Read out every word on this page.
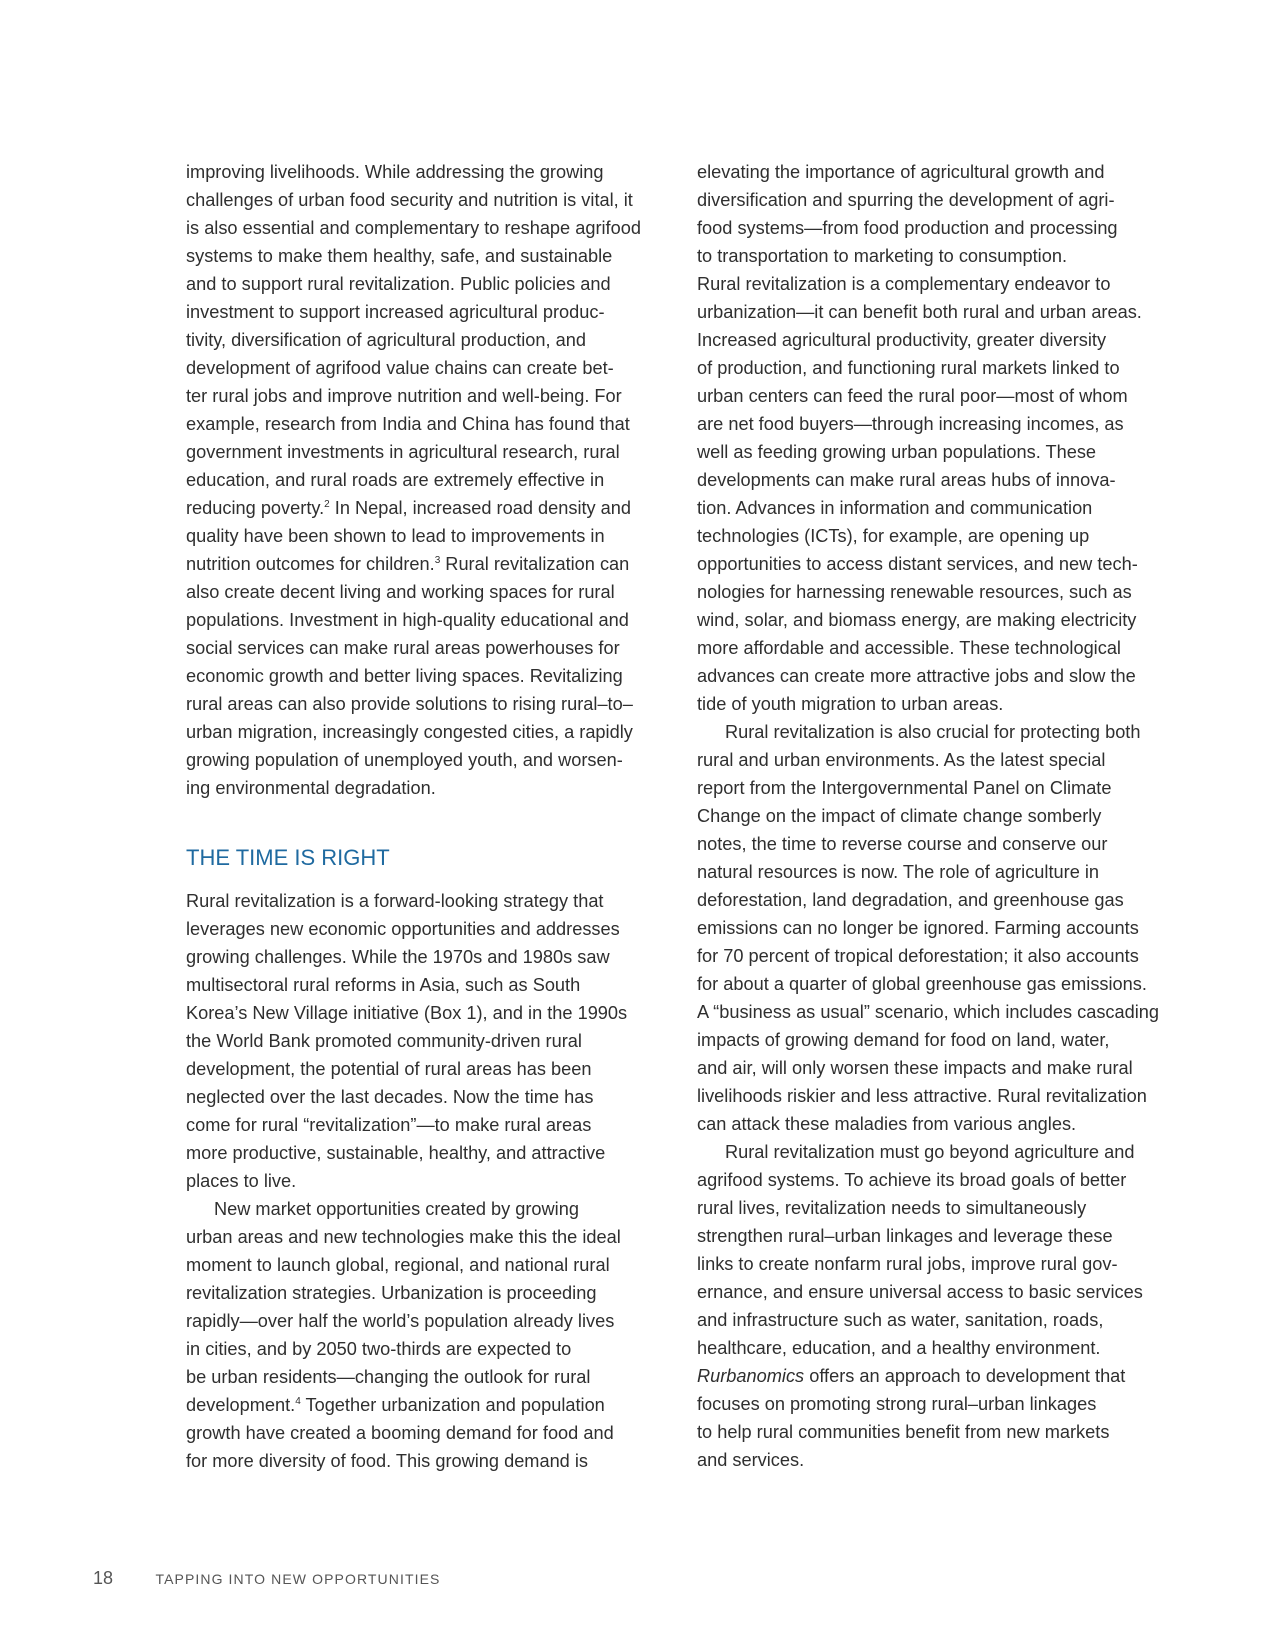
improving livelihoods. While addressing the growing
challenges of urban food security and nutrition is vital, it
is also essential and complementary to reshape agrifood
systems to make them healthy, safe, and sustainable
and to support rural revitalization. Public policies and
investment to support increased agricultural produc-
tivity, diversification of agricultural production, and
development of agrifood value chains can create bet-
ter rural jobs and improve nutrition and well-being. For
example, research from India and China has found that
government investments in agricultural research, rural
education, and rural roads are extremely effective in
reducing poverty.$^2$ In Nepal, increased road density and
quality have been shown to lead to improvements in
nutrition outcomes for children.$^3$ Rural revitalization can
also create decent living and working spaces for rural
populations. Investment in high-quality educational and
social services can make rural areas powerhouses for
economic growth and better living spaces. Revitalizing
rural areas can also provide solutions to rising rural–to–
urban migration, increasingly congested cities, a rapidly
growing population of unemployed youth, and worsen-
ing environmental degradation.
THE TIME IS RIGHT
Rural revitalization is a forward-looking strategy that
leverages new economic opportunities and addresses
growing challenges. While the 1970s and 1980s saw
multisectoral rural reforms in Asia, such as South
Korea’s New Village initiative (Box 1), and in the 1990s
the World Bank promoted community-driven rural
development, the potential of rural areas has been
neglected over the last decades. Now the time has
come for rural “revitalization”—to make rural areas
more productive, sustainable, healthy, and attractive
places to live.
New market opportunities created by growing
urban areas and new technologies make this the ideal
moment to launch global, regional, and national rural
revitalization strategies. Urbanization is proceeding
rapidly—over half the world’s population already lives
in cities, and by 2050 two-thirds are expected to
be urban residents—changing the outlook for rural
development.$^4$ Together urbanization and population
growth have created a booming demand for food and
for more diversity of food. This growing demand is
elevating the importance of agricultural growth and
diversification and spurring the development of agri-
food systems—from food production and processing
to transportation to marketing to consumption.
Rural revitalization is a complementary endeavor to
urbanization—it can benefit both rural and urban areas.
Increased agricultural productivity, greater diversity
of production, and functioning rural markets linked to
urban centers can feed the rural poor—most of whom
are net food buyers—through increasing incomes, as
well as feeding growing urban populations. These
developments can make rural areas hubs of innova-
tion. Advances in information and communication
technologies (ICTs), for example, are opening up
opportunities to access distant services, and new tech-
nologies for harnessing renewable resources, such as
wind, solar, and biomass energy, are making electricity
more affordable and accessible. These technological
advances can create more attractive jobs and slow the
tide of youth migration to urban areas.
Rural revitalization is also crucial for protecting both
rural and urban environments. As the latest special
report from the Intergovernmental Panel on Climate
Change on the impact of climate change somberly
notes, the time to reverse course and conserve our
natural resources is now. The role of agriculture in
deforestation, land degradation, and greenhouse gas
emissions can no longer be ignored. Farming accounts
for 70 percent of tropical deforestation; it also accounts
for about a quarter of global greenhouse gas emissions.
A “business as usual” scenario, which includes cascading
impacts of growing demand for food on land, water,
and air, will only worsen these impacts and make rural
livelihoods riskier and less attractive. Rural revitalization
can attack these maladies from various angles.
Rural revitalization must go beyond agriculture and
agrifood systems. To achieve its broad goals of better
rural lives, revitalization needs to simultaneously
strengthen rural–urban linkages and leverage these
links to create nonfarm rural jobs, improve rural gov-
ernance, and ensure universal access to basic services
and infrastructure such as water, sanitation, roads,
healthcare, education, and a healthy environment.
Rurbanomics offers an approach to development that
focuses on promoting strong rural–urban linkages
to help rural communities benefit from new markets
and services.
18	TAPPING INTO NEW OPPORTUNITIES
